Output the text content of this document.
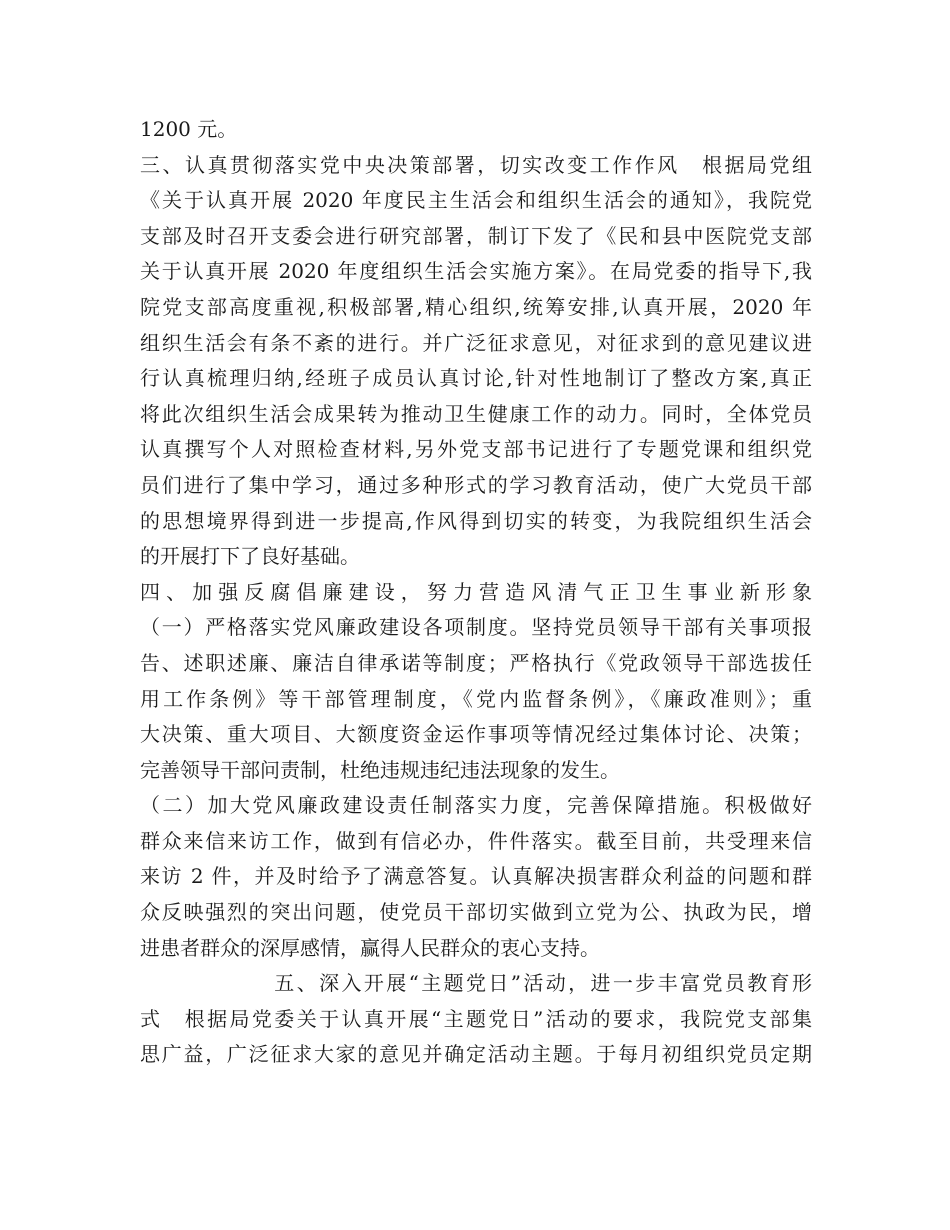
1200 元。
三、认真贯彻落实党中央决策部署，切实改变工作作风　根据局党组
《关于认真开展 2020 年度民主生活会和组织生活会的通知》，我院党
支部及时召开支委会进行研究部署，制订下发了《民和县中医院党支部
关于认真开展 2020 年度组织生活会实施方案》。在局党委的指导下,我
院党支部高度重视,积极部署,精心组织,统筹安排,认真开展，2020 年
组织生活会有条不紊的进行。并广泛征求意见，对征求到的意见建议进
行认真梳理归纳,经班子成员认真讨论,针对性地制订了整改方案,真正
将此次组织生活会成果转为推动卫生健康工作的动力。同时，全体党员
认真撰写个人对照检查材料,另外党支部书记进行了专题党课和组织党
员们进行了集中学习，通过多种形式的学习教育活动，使广大党员干部
的思想境界得到进一步提高,作风得到切实的转变，为我院组织生活会
的开展打下了良好基础。
四、加强反腐倡廉建设，努力营造风清气正卫生事业新形象
（一）严格落实党风廉政建设各项制度。坚持党员领导干部有关事项报
告、述职述廉、廉洁自律承诺等制度；严格执行《党政领导干部选拔任
用工作条例》等干部管理制度，《党内监督条例》，《廉政准则》；重
大决策、重大项目、大额度资金运作事项等情况经过集体讨论、决策；
完善领导干部问责制，杜绝违规违纪违法现象的发生。
（二）加大党风廉政建设责任制落实力度，完善保障措施。积极做好
群众来信来访工作，做到有信必办，件件落实。截至目前，共受理来信
来访 2 件，并及时给予了满意答复。认真解决损害群众利益的问题和群
众反映强烈的突出问题，使党员干部切实做到立党为公、执政为民，增
进患者群众的深厚感情，赢得人民群众的衷心支持。
　　　　　　五、深入开展“主题党日”活动，进一步丰富党员教育形
式　根据局党委关于认真开展“主题党日”活动的要求，我院党支部集
思广益，广泛征求大家的意见并确定活动主题。于每月初组织党员定期
